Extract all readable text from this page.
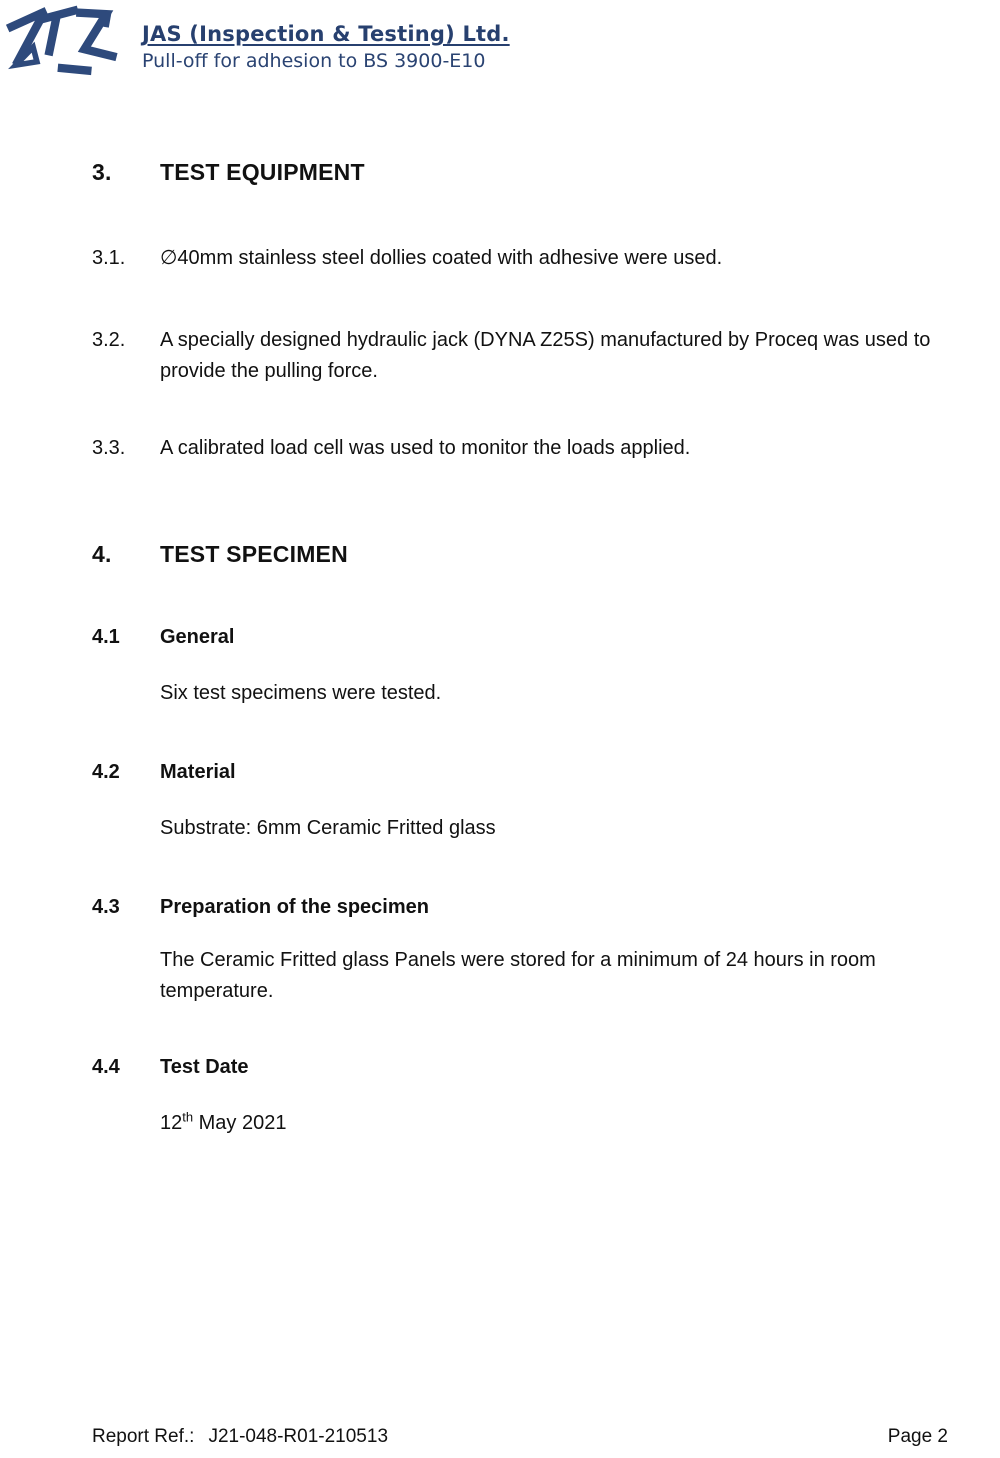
JAS (Inspection & Testing) Ltd.
Pull-off for adhesion to BS 3900-E10
3.	TEST EQUIPMENT
3.1.	∅40mm stainless steel dollies coated with adhesive were used.
3.2.	A specially designed hydraulic jack (DYNA Z25S) manufactured by Proceq was used to provide the pulling force.
3.3.	A calibrated load cell was used to monitor the loads applied.
4.	TEST SPECIMEN
4.1	General
Six test specimens were tested.
4.2	Material
Substrate: 6mm Ceramic Fritted glass
4.3	Preparation of the specimen
The Ceramic Fritted glass Panels were stored for a minimum of 24 hours in room temperature.
4.4	Test Date
12th May 2021
Report Ref.: J21-048-R01-210513	Page 2
